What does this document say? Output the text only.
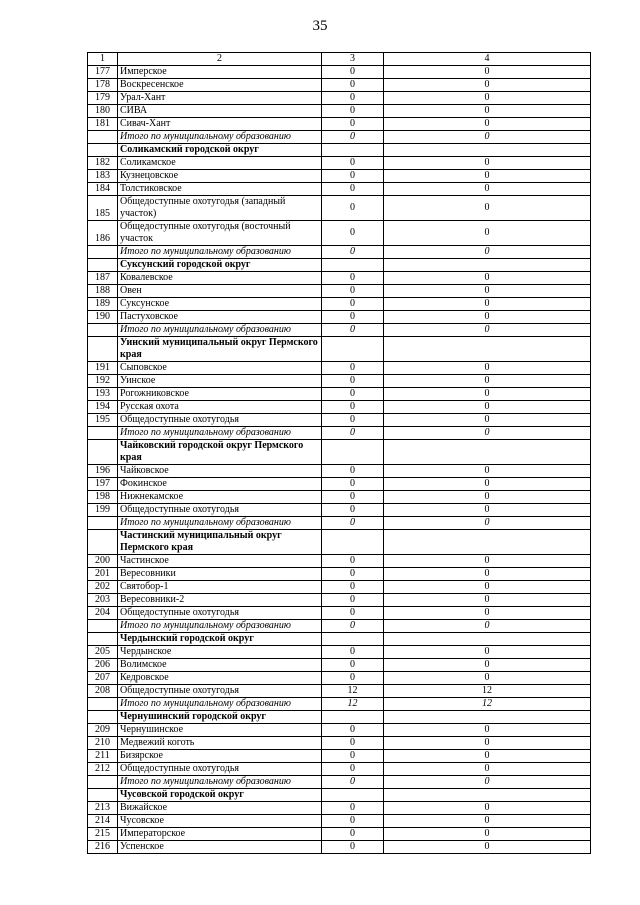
35
1	2	3	4
177	Имперское	0	0
178	Воскресенское	0	0
179	Урал-Хант	0	0
180	СИВА	0	0
181	Сивач-Хант	0	0
	Итого по муниципальному образованию	0	0
	Соликамский городской округ		
182	Соликамское	0	0
183	Кузнецовское	0	0
184	Толстиковское	0	0
185	Общедоступные охотугодья (западный участок)	0	0
186	Общедоступные охотугодья (восточный участок	0	0
	Итого по муниципальному образованию	0	0
	Суксунский городской округ		
187	Ковалевское	0	0
188	Овен	0	0
189	Суксунское	0	0
190	Пастуховское	0	0
	Итого по муниципальному образованию	0	0
	Уинский муниципальный округ Пермского края		
191	Сыповское	0	0
192	Уинское	0	0
193	Рогожниковское	0	0
194	Русская охота	0	0
195	Общедоступные охотугодья	0	0
	Итого по муниципальному образованию	0	0
	Чайковский городской округ Пермского края		
196	Чайковское	0	0
197	Фокинское	0	0
198	Нижнекамское	0	0
199	Общедоступные охотугодья	0	0
	Итого по муниципальному образованию	0	0
	Частинский муниципальный округ Пермского края		
200	Частинское	0	0
201	Вересовники	0	0
202	Святобор-1	0	0
203	Вересовники-2	0	0
204	Общедоступные охотугодья	0	0
	Итого по муниципальному образованию	0	0
	Чердынский городской округ		
205	Чердынское	0	0
206	Волимское	0	0
207	Кедровское	0	0
208	Общедоступные охотугодья	12	12
	Итого по муниципальному образованию	12	12
	Чернушинский городской округ		
209	Чернушинское	0	0
210	Медвежий коготь	0	0
211	Бизярское	0	0
212	Общедоступные охотугодья	0	0
	Итого по муниципальному образованию	0	0
	Чусовской городской округ		
213	Вижайское	0	0
214	Чусовское	0	0
215	Императорское	0	0
216	Успенское	0	0
